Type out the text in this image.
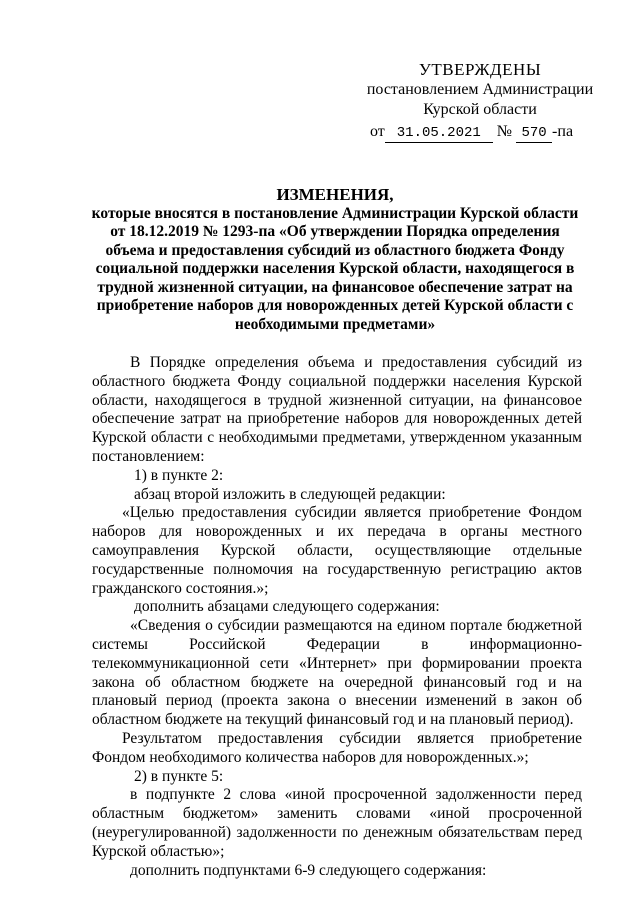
УТВЕРЖДЕНЫ
постановлением Администрации
Курской области
от 31.05.2021 № 570 -па
ИЗМЕНЕНИЯ,
которые вносятся в постановление Администрации Курской области от 18.12.2019 № 1293-па «Об утверждении Порядка определения объема и предоставления субсидий из областного бюджета Фонду социальной поддержки населения Курской области, находящегося в трудной жизненной ситуации, на финансовое обеспечение затрат на приобретение наборов для новорожденных детей Курской области с необходимыми предметами»

В Порядке определения объема и предоставления субсидий из областного бюджета Фонду социальной поддержки населения Курской области, находящегося в трудной жизненной ситуации, на финансовое обеспечение затрат на приобретение наборов для новорожденных детей Курской области с необходимыми предметами, утвержденном указанным постановлением:

1) в пункте 2:

абзац второй изложить в следующей редакции:

«Целью предоставления субсидии является приобретение Фондом наборов для новорожденных и их передача в органы местного самоуправления Курской области, осуществляющие отдельные государственные полномочия на государственную регистрацию актов гражданского состояния.»;

дополнить абзацами следующего содержания:

«Сведения о субсидии размещаются на едином портале бюджетной системы Российской Федерации в информационно-телекоммуникационной сети «Интернет» при формировании проекта закона об областном бюджете на очередной финансовый год и на плановый период (проекта закона о внесении изменений в закон об областном бюджете на текущий финансовый год и на плановый период).

Результатом предоставления субсидии является приобретение Фондом необходимого количества наборов для новорожденных.»;

2) в пункте 5:

в подпункте 2 слова «иной просроченной задолженности перед областным бюджетом» заменить словами «иной просроченной (неурегулированной) задолженности по денежным обязательствам перед Курской областью»;

дополнить подпунктами 6-9 следующего содержания:
